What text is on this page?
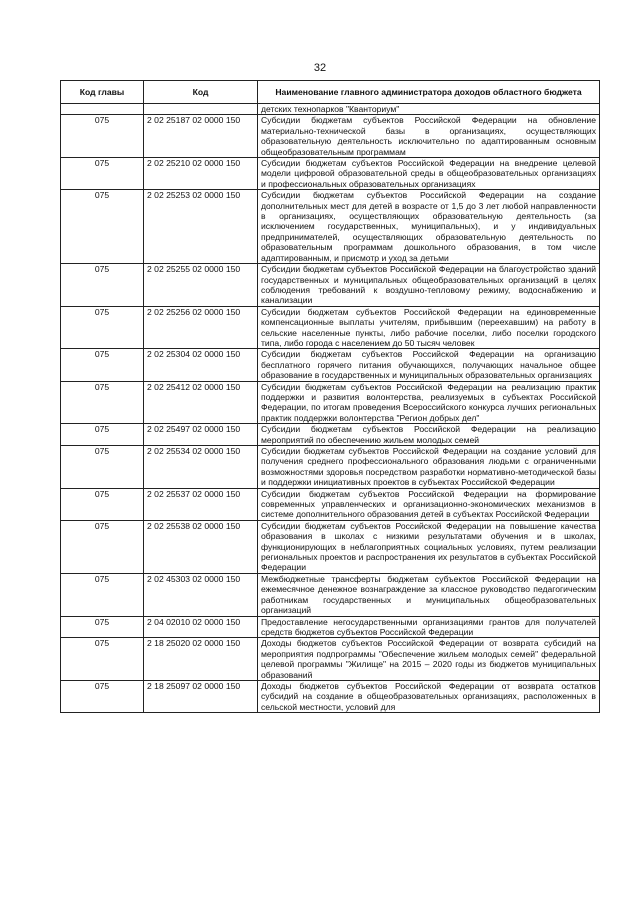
32
Код главы	Код	Наименование главного администратора доходов областного бюджета
		детских технопарков "Кванториум"
075	2 02 25187 02 0000 150	Субсидии бюджетам субъектов Российской Федерации на обновление материально-технической базы в организациях, осуществляющих образовательную деятельность исключительно по адаптированным основным общеобразовательным программам
075	2 02 25210 02 0000 150	Субсидии бюджетам субъектов Российской Федерации на внедрение целевой модели цифровой образовательной среды в общеобразовательных организациях и профессиональных образовательных организациях
075	2 02 25253 02 0000 150	Субсидии бюджетам субъектов Российской Федерации на создание дополнительных мест для детей в возрасте от 1,5 до 3 лет любой направленности в организациях, осуществляющих образовательную деятельность (за исключением государственных, муниципальных), и у индивидуальных предпринимателей, осуществляющих образовательную деятельность по образовательным программам дошкольного образования, в том числе адаптированным, и присмотр и уход за детьми
075	2 02 25255 02 0000 150	Субсидии бюджетам субъектов Российской Федерации на благоустройство зданий государственных и муниципальных общеобразовательных организаций в целях соблюдения требований к воздушно-тепловому режиму, водоснабжению и канализации
075	2 02 25256 02 0000 150	Субсидии бюджетам субъектов Российской Федерации на единовременные компенсационные выплаты учителям, прибывшим (переехавшим) на работу в сельские населенные пункты, либо рабочие поселки, либо поселки городского типа, либо города с населением до 50 тысяч человек
075	2 02 25304 02 0000 150	Субсидии бюджетам субъектов Российской Федерации на организацию бесплатного горячего питания обучающихся, получающих начальное общее образование в государственных и муниципальных образовательных организациях
075	2 02 25412 02 0000 150	Субсидии бюджетам субъектов Российской Федерации на реализацию практик поддержки и развития волонтерства, реализуемых в субъектах Российской Федерации, по итогам проведения Всероссийского конкурса лучших региональных практик поддержки волонтерства "Регион добрых дел"
075	2 02 25497 02 0000 150	Субсидии бюджетам субъектов Российской Федерации на реализацию мероприятий по обеспечению жильем молодых семей
075	2 02 25534 02 0000 150	Субсидии бюджетам субъектов Российской Федерации на создание условий для получения среднего профессионального образования людьми с ограниченными возможностями здоровья посредством разработки нормативно-методической базы и поддержки инициативных проектов в субъектах Российской Федерации
075	2 02 25537 02 0000 150	Субсидии бюджетам субъектов Российской Федерации на формирование современных управленческих и организационно-экономических механизмов в системе дополнительного образования детей в субъектах Российской Федерации
075	2 02 25538 02 0000 150	Субсидии бюджетам субъектов Российской Федерации на повышение качества образования в школах с низкими результатами обучения и в школах, функционирующих в неблагоприятных социальных условиях, путем реализации региональных проектов и распространения их результатов в субъектах Российской Федерации
075	2 02 45303 02 0000 150	Межбюджетные трансферты бюджетам субъектов Российской Федерации на ежемесячное денежное вознаграждение за классное руководство педагогическим работникам государственных и муниципальных общеобразовательных организаций
075	2 04 02010 02 0000 150	Предоставление негосударственными организациями грантов для получателей средств бюджетов субъектов Российской Федерации
075	2 18 25020 02 0000 150	Доходы бюджетов субъектов Российской Федерации от возврата субсидий на мероприятия подпрограммы "Обеспечение жильем молодых семей" федеральной целевой программы "Жилище" на 2015 – 2020 годы из бюджетов муниципальных образований
075	2 18 25097 02 0000 150	Доходы бюджетов субъектов Российской Федерации от возврата остатков субсидий на создание в общеобразовательных организациях, расположенных в сельской местности, условий для
